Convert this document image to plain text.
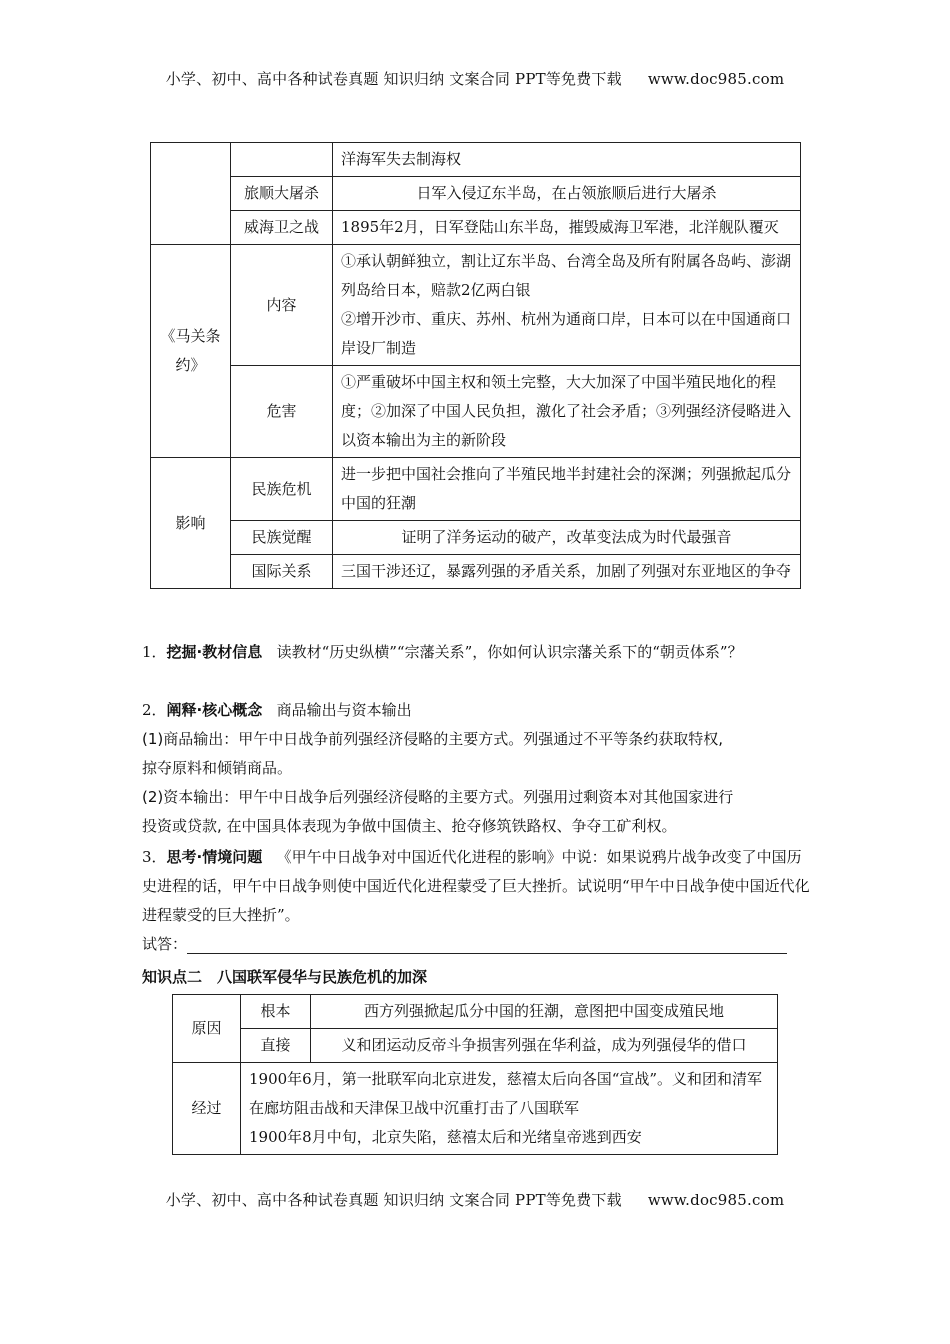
小学、初中、高中各种试卷真题 知识归纳 文案合同 PPT等免费下载 www.doc985.com
		洋海军失去制海权
	旅顺大屠杀	日军入侵辽东半岛，在占领旅顺后进行大屠杀
	威海卫之战	1895年2月，日军登陆山东半岛，摧毁威海卫军港，北洋舰队覆灭
《马关条约》	内容	①承认朝鲜独立，割让辽东半岛、台湾全岛及所有附属各岛屿、澎湖列岛给日本，赔款2亿两白银
②增开沙市、重庆、苏州、杭州为通商口岸，日本可以在中国通商口岸设厂制造

	危害	①严重破坏中国主权和领土完整，大大加深了中国半殖民地化的程度；②加深了中国人民负担，激化了社会矛盾；③列强经济侵略进入以资本输出为主的新阶段
影响	民族危机	进一步把中国社会推向了半殖民地半封建社会的深渊；列强掀起瓜分中国的狂潮
	民族觉醒	证明了洋务运动的破产，改革变法成为时代最强音
	国际关系	三国干涉还辽，暴露列强的矛盾关系，加剧了列强对东亚地区的争夺
1．挖掘·教材信息 读教材“历史纵横”“宗藩关系”，你如何认识宗藩关系下的“朝贡体系”？
2．阐释·核心概念 商品输出与资本输出
(1)商品输出：甲午中日战争前列强经济侵略的主要方式。列强通过不平等条约获取特权,
掠夺原料和倾销商品。
(2)资本输出：甲午中日战争后列强经济侵略的主要方式。列强用过剩资本对其他国家进行
投资或贷款, 在中国具体表现为争做中国债主、抢夺修筑铁路权、争夺工矿利权。
3．思考·情境问题 《甲午中日战争对中国近代化进程的影响》中说：如果说鸦片战争改变了中国历史进程的话，甲午中日战争则使中国近代化进程蒙受了巨大挫折。试说明“甲午中日战争使中国近代化进程蒙受的巨大挫折”。
试答：
知识点二　八国联军侵华与民族危机的加深
原因	根本	西方列强掀起瓜分中国的狂潮，意图把中国变成殖民地
	直接	义和团运动反帝斗争损害列强在华利益，成为列强侵华的借口
经过	1900年6月，第一批联军向北京进发，慈禧太后向各国“宣战”。义和团和清军在廊坊阻击战和天津保卫战中沉重打击了八国联军
1900年8月中旬，北京失陷，慈禧太后和光绪皇帝逃到西安	
小学、初中、高中各种试卷真题 知识归纳 文案合同 PPT等免费下载 www.doc985.com
